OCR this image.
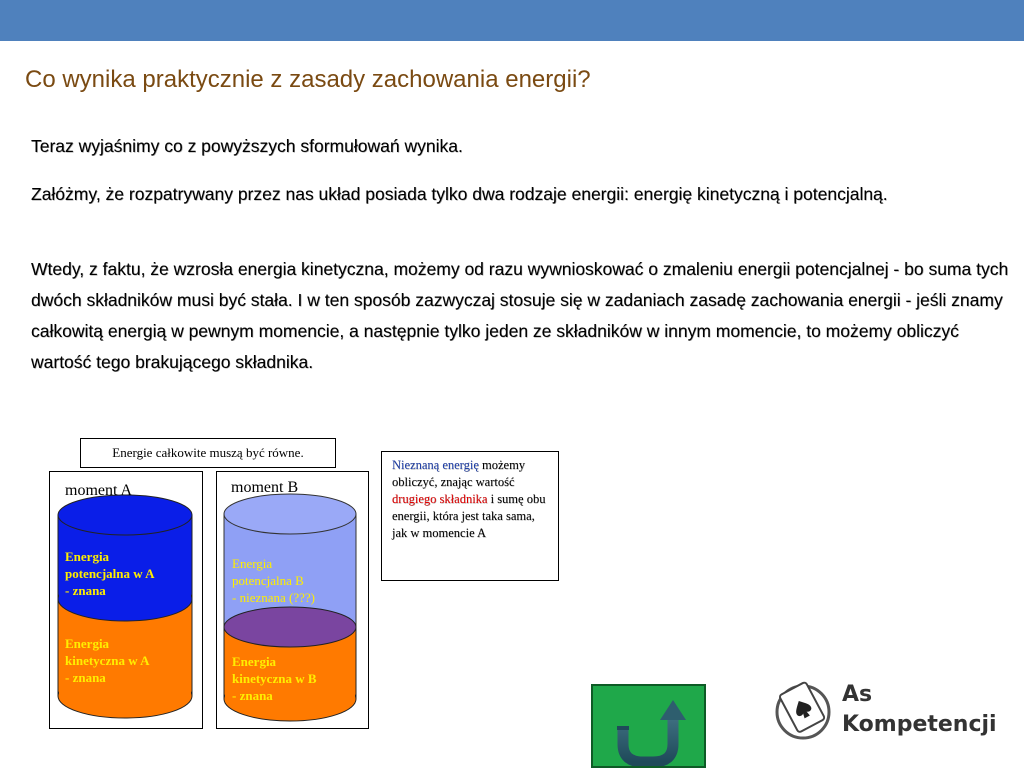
Co wynika praktycznie z zasady zachowania energii?
Teraz wyjaśnimy co z powyższych sformułowań wynika.
Załóżmy, że rozpatrywany przez nas układ posiada tylko dwa rodzaje energii: energię kinetyczną i potencjalną.
Wtedy, z faktu, że wzrosła energia kinetyczna, możemy od razu wywnioskować o zmaleniu energii potencjalnej - bo suma tych dwóch składników musi być stała. I w ten sposób zazwyczaj stosuje się w zadaniach zasadę zachowania energii - jeśli znamy całkowitą energią w pewnym momencie, a następnie tylko jeden ze składników w innym momencie, to możemy obliczyć wartość tego brakującego składnika.
Energie całkowite muszą być równe.
moment A
Energia
potencjalna w A
- znana
Energia
kinetyczna w A
- znana
moment B
Energia
potencjalna B
- nieznana (???)
Energia
kinetyczna w B
- znana
Nieznaną energię możemy obliczyć, znając wartość drugiego składnika i sumę obu energii, która jest taka sama, jak w momencie A
As
Kompetencji
